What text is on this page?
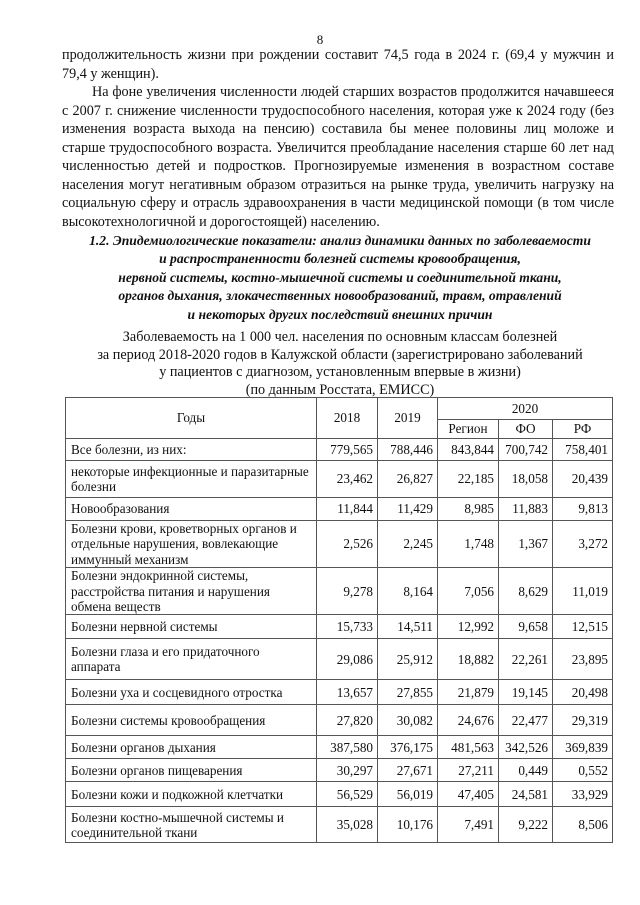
8

продолжительность жизни при рождении составит 74,5 года в 2024 г. (69,4 у мужчин и 79,4 у женщин).

На фоне увеличения численности людей старших возрастов продолжится начавшееся с 2007 г. снижение численности трудоспособного населения, которая уже к 2024 году (без изменения возраста выхода на пенсию) составила бы менее половины лиц моложе и старше трудоспособного возраста. Увеличится преобладание населения старше 60 лет над численностью детей и подростков. Прогнозируемые изменения в возрастном составе населения могут негативным образом отразиться на рынке труда, увеличить нагрузку на социальную сферу и отрасль здравоохранения в части медицинской помощи (в том числе высокотехнологичной и дорогостоящей) населению.

1.2. Эпидемиологические показатели: анализ динамики данных по заболеваемости
и распространенности болезней системы кровообращения,
нервной системы, костно-мышечной системы и соединительной ткани,
органов дыхания, злокачественных новообразований, травм, отравлений
и некоторых других последствий внешних причин
Заболеваемость на 1 000 чел. населения по основным классам болезней
за период 2018-2020 годов в Калужской области (зарегистрировано заболеваний
у пациентов с диагнозом, установленным впервые в жизни)
(по данным Росстата, ЕМИСС)
Годы	2018	2019	2020		
			Регион	ФО	РФ
Все болезни, из них:	779,565	788,446	843,844	700,742	758,401
некоторые инфекционные и паразитарные болезни	23,462	26,827	22,185	18,058	20,439
Новообразования	11,844	11,429	8,985	11,883	9,813
Болезни крови, кроветворных органов и отдельные нарушения, вовлекающие иммунный механизм	2,526	2,245	1,748	1,367	3,272
Болезни эндокринной системы, расстройства питания и нарушения обмена веществ	9,278	8,164	7,056	8,629	11,019
Болезни нервной системы	15,733	14,511	12,992	9,658	12,515
Болезни глаза и его придаточного аппарата	29,086	25,912	18,882	22,261	23,895
Болезни уха и сосцевидного отростка	13,657	27,855	21,879	19,145	20,498
Болезни системы кровообращения	27,820	30,082	24,676	22,477	29,319
Болезни органов дыхания	387,580	376,175	481,563	342,526	369,839
Болезни органов пищеварения	30,297	27,671	27,211	0,449	0,552
Болезни кожи и подкожной клетчатки	56,529	56,019	47,405	24,581	33,929
Болезни костно-мышечной системы и соединительной ткани	35,028	10,176	7,491	9,222	8,506
